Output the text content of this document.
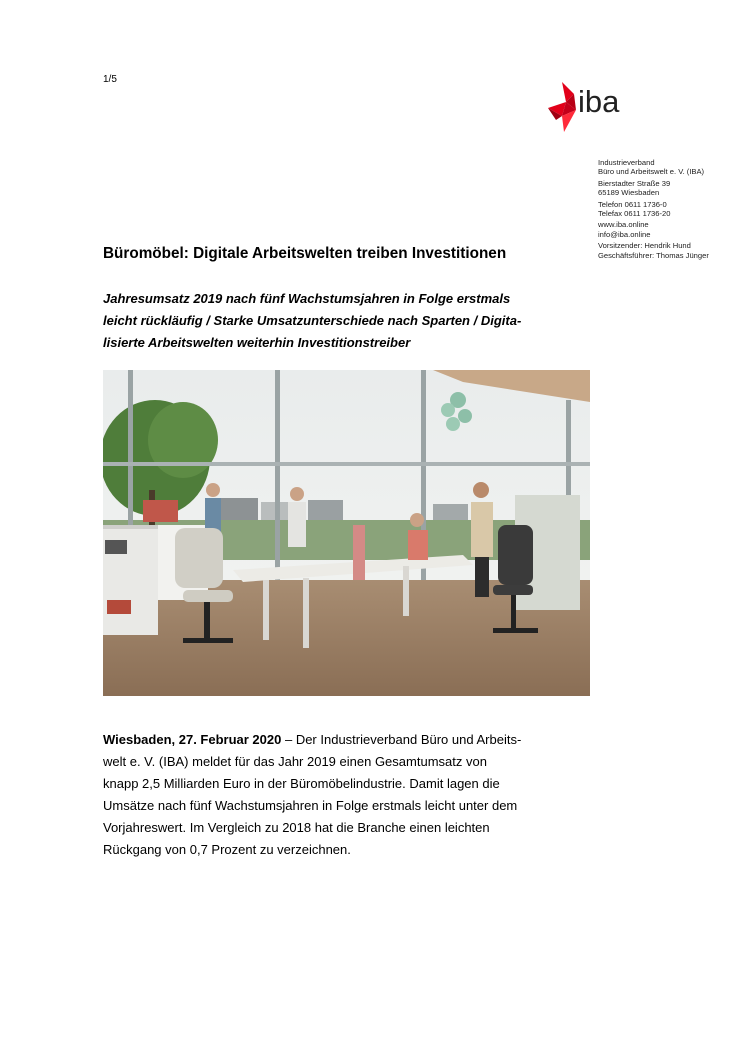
1/5
iba
Industrieverband
Büro und Arbeitswelt e. V. (IBA)
Bierstadter Straße 39
65189 Wiesbaden
Telefon 0611 1736-0
Telefax 0611 1736-20
www.iba.online
info@iba.online
Vorsitzender: Hendrik Hund
Geschäftsführer: Thomas Jünger
Büromöbel: Digitale Arbeitswelten treiben Investitionen
Jahresumsatz 2019 nach fünf Wachstumsjahren in Folge erstmals
leicht rückläufig / Starke Umsatzunterschiede nach Sparten / Digita-
lisierte Arbeitswelten weiterhin Investitionstreiber
Wiesbaden, 27. Februar 2020 – Der Industrieverband Büro und Arbeits-
welt e. V. (IBA) meldet für das Jahr 2019 einen Gesamtumsatz von
knapp 2,5 Milliarden Euro in der Büromöbelindustrie. Damit lagen die
Umsätze nach fünf Wachstumsjahren in Folge erstmals leicht unter dem
Vorjahreswert. Im Vergleich zu 2018 hat die Branche einen leichten
Rückgang von 0,7 Prozent zu verzeichnen.
